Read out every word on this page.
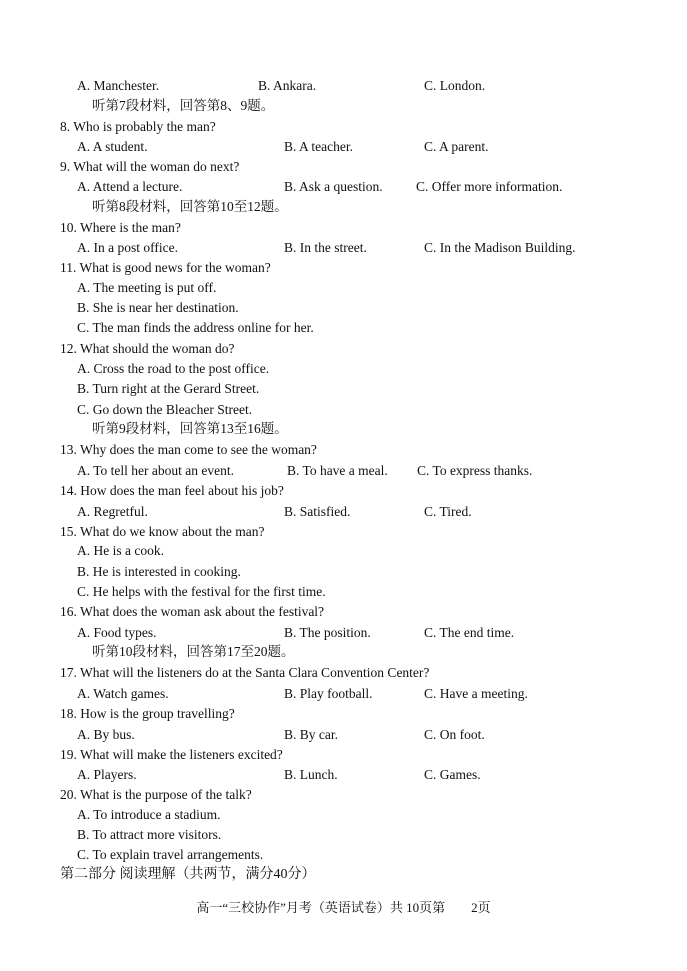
A. Manchester.	B. Ankara.	C. London.
听第7段材料，回答第8、9题。
8. Who is probably the man?
A. A student.	B. A teacher.	C. A parent.
9. What will the woman do next?
A. Attend a lecture.	B. Ask a question. C. Offer more information.
听第8段材料，回答第10至12题。
10. Where is the man?
A. In a post office.	B. In the street.	C. In the Madison Building.
11. What is good news for the woman?
A. The meeting is put off.
B. She is near her destination.
C. The man finds the address online for her.
12. What should the woman do?
A. Cross the road to the post office.
B. Turn right at the Gerard Street.
C. Go down the Bleacher Street.
听第9段材料，回答第13至16题。
13. Why does the man come to see the woman?
A. To tell her about an event.	B. To have a meal. C. To express thanks.
14. How does the man feel about his job?
A. Regretful.	B. Satisfied.	C. Tired.
15. What do we know about the man?
A. He is a cook.
B. He is interested in cooking.
C. He helps with the festival for the first time.
16. What does the woman ask about the festival?
A. Food types.	B. The position.	C. The end time.
听第10段材料，回答第17至20题。
17. What will the listeners do at the Santa Clara Convention Center?
A. Watch games.	B. Play football.	C. Have a meeting.
18. How is the group travelling?
A. By bus.	B. By car.	C. On foot.
19. What will make the listeners excited?
A. Players.	B. Lunch.	C. Games.
20. What is the purpose of the talk?
A. To introduce a stadium.
B. To attract more visitors.
C. To explain travel arrangements.
第二部分 阅读理解（共两节，满分40分）
高一“三校协作”月考（英语试卷）共 10页第　　2页
